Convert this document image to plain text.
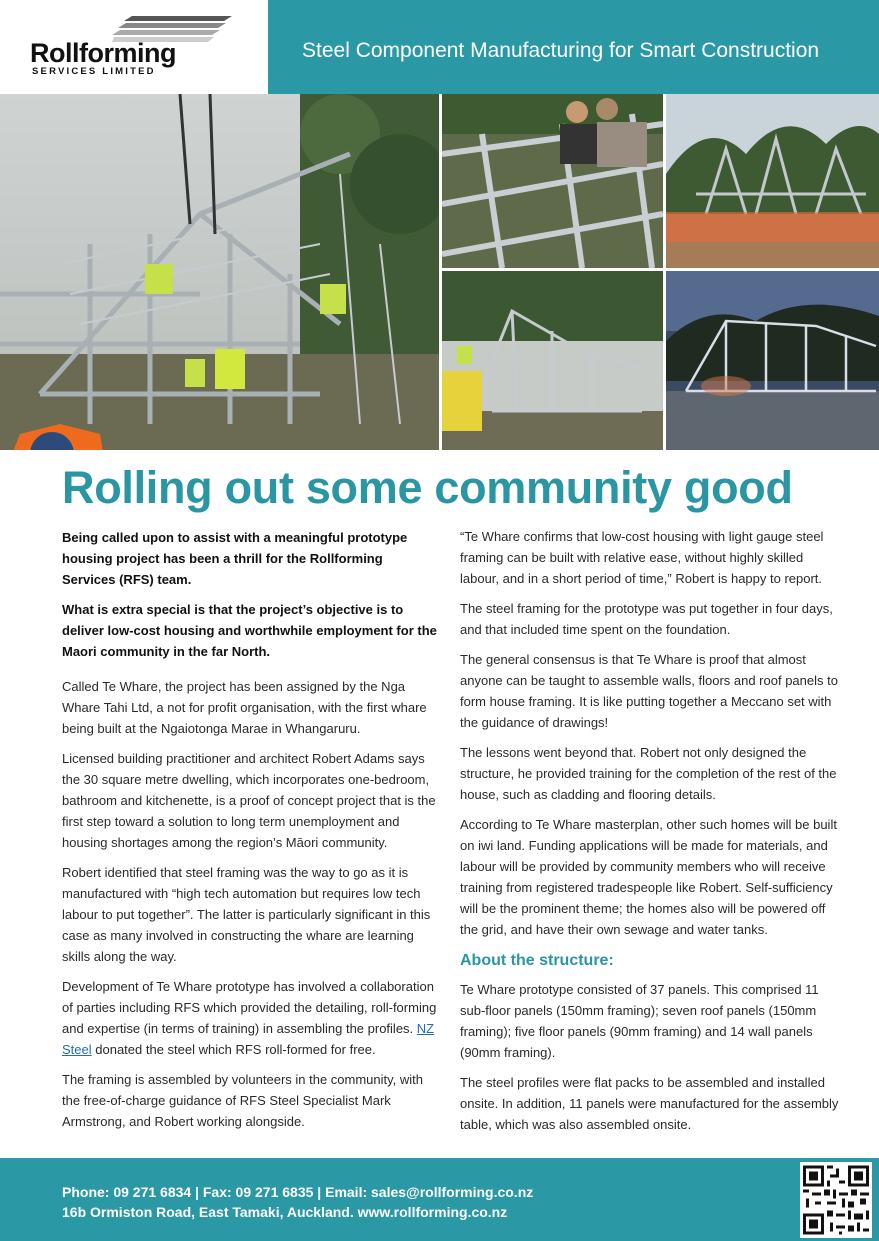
Rollforming
SERVICES LIMITED
Steel Component Manufacturing for Smart Construction
Rolling out some community good

Being called upon to assist with a meaningful prototype housing project has been a thrill for the Rollforming Services (RFS) team.

What is extra special is that the project’s objective is to deliver low-cost housing and worthwhile employment for the Maori community in the far North.

Called Te Whare, the project has been assigned by the Nga Whare Tahi Ltd, a not for profit organisation, with the first whare being built at the Ngaiotonga Marae in Whangaruru.

Licensed building practitioner and architect Robert Adams says the 30 square metre dwelling, which incorporates one-bedroom, bathroom and kitchenette, is a proof of concept project that is the first step toward a solution to long term unemployment and housing shortages among the region’s Māori community.

Robert identified that steel framing was the way to go as it is manufactured with “high tech automation but requires low tech labour to put together”. The latter is particularly significant in this case as many involved in constructing the whare are learning skills along the way.

Development of Te Whare prototype has involved a collaboration of parties including RFS which provided the detailing, roll-forming and expertise (in terms of training) in assembling the profiles. NZ Steel donated the steel which RFS roll-formed for free.

The framing is assembled by volunteers in the community, with the free-of-charge guidance of RFS Steel Specialist Mark Armstrong, and Robert working alongside.

“Te Whare confirms that low-cost housing with light gauge steel framing can be built with relative ease, without highly skilled labour, and in a short period of time,” Robert is happy to report.

The steel framing for the prototype was put together in four days, and that included time spent on the foundation.

The general consensus is that Te Whare is proof that almost anyone can be taught to assemble walls, floors and roof panels to form house framing. It is like putting together a Meccano set with the guidance of drawings!

The lessons went beyond that. Robert not only designed the structure, he provided training for the completion of the rest of the house, such as cladding and flooring details.

According to Te Whare masterplan, other such homes will be built on iwi land. Funding applications will be made for materials, and labour will be provided by community members who will receive training from registered tradespeople like Robert. Self-sufficiency will be the prominent theme; the homes also will be powered off the grid, and have their own sewage and water tanks.

About the structure:

Te Whare prototype consisted of 37 panels. This comprised 11 sub-floor panels (150mm framing); seven roof panels (150mm framing); five floor panels (90mm framing) and 14 wall panels (90mm framing).

The steel profiles were flat packs to be assembled and installed onsite. In addition, 11 panels were manufactured for the assembly table, which was also assembled onsite.

Phone: 09 271 6834 | Fax: 09 271 6835 | Email: sales@rollforming.co.nz
16b Ormiston Road, East Tamaki, Auckland. www.rollforming.co.nz
